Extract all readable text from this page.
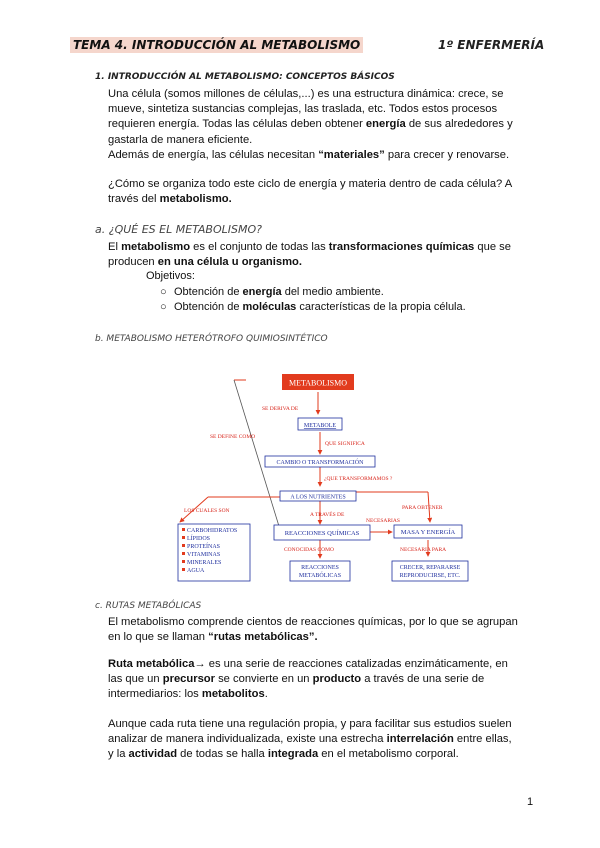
TEMA 4. INTRODUCCIÓN AL METABOLISMO	1º ENFERMERÍA
1. INTRODUCCIÓN AL METABOLISMO: CONCEPTOS BÁSICOS

Una célula (somos millones de células,...) es una estructura dinámica: crece, se mueve, sintetiza sustancias complejas, las traslada, etc. Todos estos procesos requieren energía. Todas las células deben obtener energía de sus alrededores y gastarla de manera eficiente.

Además de energía, las células necesitan “materiales” para crecer y renovarse.

¿Cómo se organiza todo este ciclo de energía y materia dentro de cada célula? A través del metabolismo.

a. ¿QUÉ ES EL METABOLISMO?

El metabolismo es el conjunto de todas las transformaciones químicas que se producen en una célula u organismo.

Objetivos:
○ Obtención de energía del medio ambiente.
○ Obtención de moléculas características de la propia célula.
b. METABOLISMO HETERÓTROFO QUIMIOSINTÉTICO
METABOLISMO
SE DERIVA DE
SE DEFINE COMO
METABOLE
QUE SIGNIFICA
CAMBIO O TRANSFORMACIÓN
¿QUE TRANSFORMAMOS ?
A LOS NUTRIENTES
LOS CUALES SON
A TRAVÉS DE
PARA OBTENER
NECESARIAS
CARBOHIDRATOS
LÍPIDOS
PROTEÍNAS
VITAMINAS
MINERALES
AGUA
REACCIONES QUÍMICAS	MASA Y ENERGÍA
CONOCIDAS COMO	NECESARIA PARA
REACCIONES
METABÓLICAS
CRECER, REPARARSE
REPRODUCIRSE, ETC.
c. RUTAS METABÓLICAS

El metabolismo comprende cientos de reacciones químicas, por lo que se agrupan en lo que se llaman “rutas metabólicas”.

Ruta metabólica→ es una serie de reacciones catalizadas enzimáticamente, en las que un precursor se convierte en un producto a través de una serie de intermediarios: los metabolitos.

Aunque cada ruta tiene una regulación propia, y para facilitar sus estudios suelen analizar de manera individualizada, existe una estrecha interrelación entre ellas, y la actividad de todas se halla integrada en el metabolismo corporal.

1
